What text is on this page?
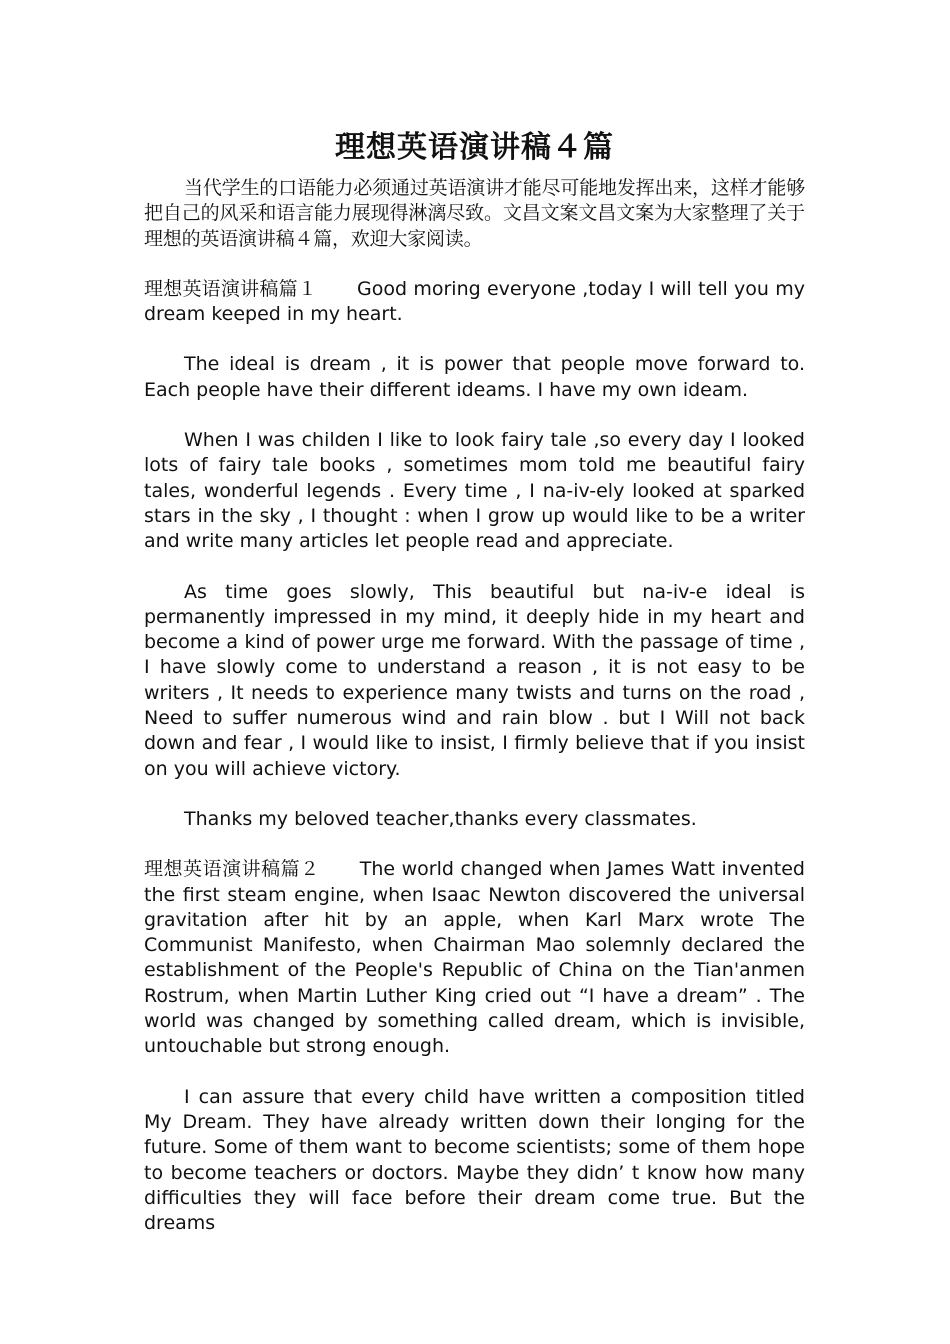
理想英语演讲稿４篇

当代学生的口语能力必须通过英语演讲才能尽可能地发挥出来，这样才能够把自己的风采和语言能力展现得淋漓尽致。文昌文案文昌文案为大家整理了关于理想的英语演讲稿４篇，欢迎大家阅读。

理想英语演讲稿篇１ Good moring everyone ,today I will tell you my dream keeped in my heart.

The ideal is dream , it is power that people move forward to. Each people have their different ideams. I have my own ideam.

When I was childen I like to look fairy tale ,so every day I looked lots of fairy tale books , sometimes mom told me beautiful fairy tales, wonderful legends . Every time , I na-iv-ely looked at sparked stars in the sky , I thought : when I grow up would like to be a writer and write many articles let people read and appreciate.

As time goes slowly, This beautiful but na-iv-e ideal is permanently impressed in my mind, it deeply hide in my heart and become a kind of power urge me forward. With the passage of time , I have slowly come to understand a reason , it is not easy to be writers , It needs to experience many twists and turns on the road , Need to suffer numerous wind and rain blow . but I Will not back down and fear , I would like to insist, I firmly believe that if you insist on you will achieve victory.

Thanks my beloved teacher,thanks every classmates.

理想英语演讲稿篇２ The world changed when James Watt invented the first steam engine, when Isaac Newton discovered the universal gravitation after hit by an apple, when Karl Marx wrote The Communist Manifesto, when Chairman Mao solemnly declared the establishment of the People's Republic of China on the Tian'anmen Rostrum, when Martin Luther King cried out “I have a dream” . The world was changed by something called dream, which is invisible, untouchable but strong enough.

I can assure that every child have written a composition titled My Dream. They have already written down their longing for the future. Some of them want to become scientists; some of them hope to become teachers or doctors. Maybe they didn’ t know how many difficulties they will face before their dream come true. But the dreams
